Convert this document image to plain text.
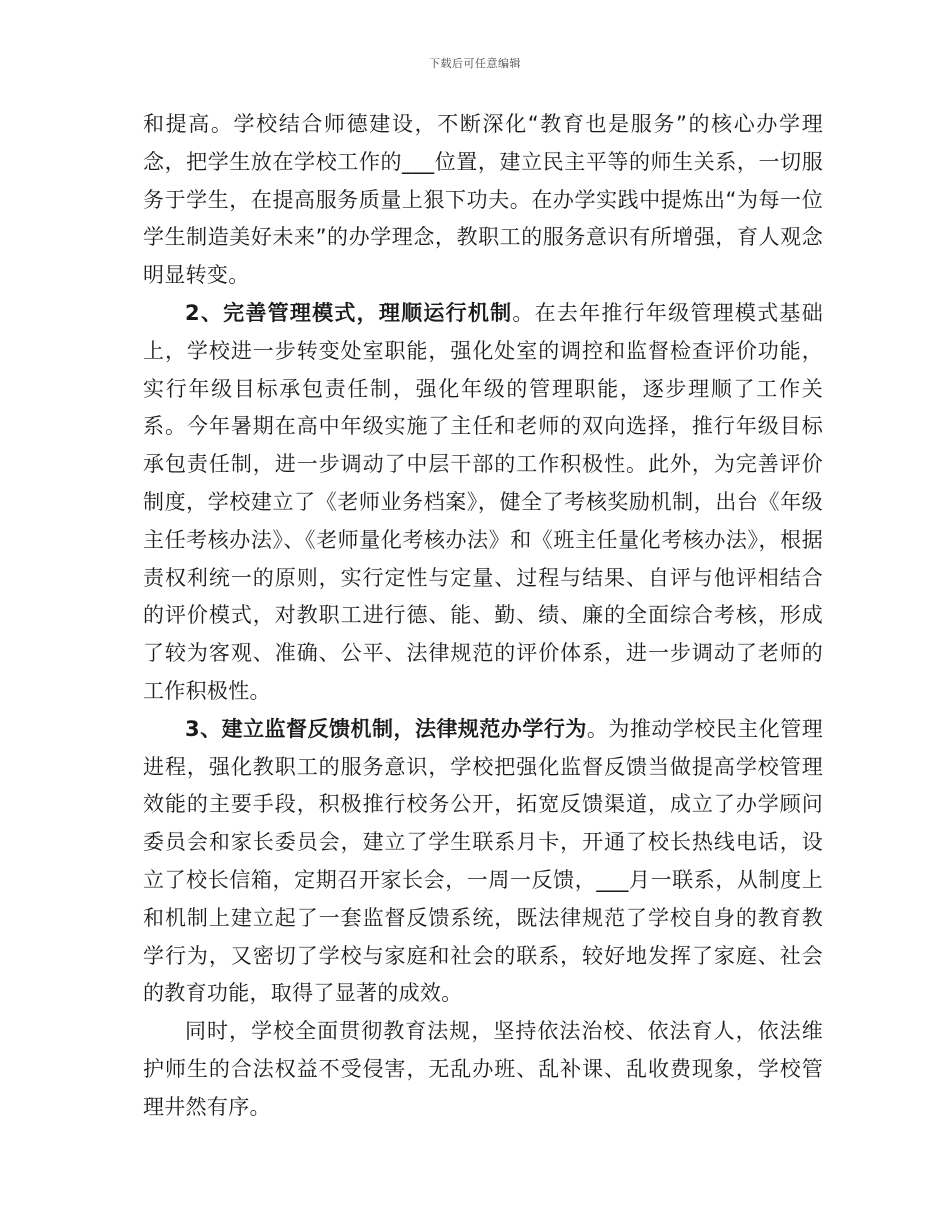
下载后可任意编辑

和提高。学校结合师德建设，不断深化“教育也是服务”的核心办学理念，把学生放在学校工作的___位置，建立民主平等的师生关系，一切服务于学生，在提高服务质量上狠下功夫。在办学实践中提炼出“为每一位学生制造美好未来”的办学理念，教职工的服务意识有所增强，育人观念明显转变。

2、完善管理模式，理顺运行机制。在去年推行年级管理模式基础上，学校进一步转变处室职能，强化处室的调控和监督检查评价功能，实行年级目标承包责任制，强化年级的管理职能，逐步理顺了工作关系。今年暑期在高中年级实施了主任和老师的双向选择，推行年级目标承包责任制，进一步调动了中层干部的工作积极性。此外，为完善评价制度，学校建立了《老师业务档案》，健全了考核奖励机制，出台《年级主任考核办法》、《老师量化考核办法》和《班主任量化考核办法》，根据责权利统一的原则，实行定性与定量、过程与结果、自评与他评相结合的评价模式，对教职工进行德、能、勤、绩、廉的全面综合考核，形成了较为客观、准确、公平、法律规范的评价体系，进一步调动了老师的工作积极性。

3、建立监督反馈机制，法律规范办学行为。为推动学校民主化管理进程，强化教职工的服务意识，学校把强化监督反馈当做提高学校管理效能的主要手段，积极推行校务公开，拓宽反馈渠道，成立了办学顾问委员会和家长委员会，建立了学生联系月卡，开通了校长热线电话，设立了校长信箱，定期召开家长会，一周一反馈，___月一联系，从制度上和机制上建立起了一套监督反馈系统，既法律规范了学校自身的教育教学行为，又密切了学校与家庭和社会的联系，较好地发挥了家庭、社会的教育功能，取得了显著的成效。

同时，学校全面贯彻教育法规，坚持依法治校、依法育人，依法维护师生的合法权益不受侵害，无乱办班、乱补课、乱收费现象，学校管理井然有序。
